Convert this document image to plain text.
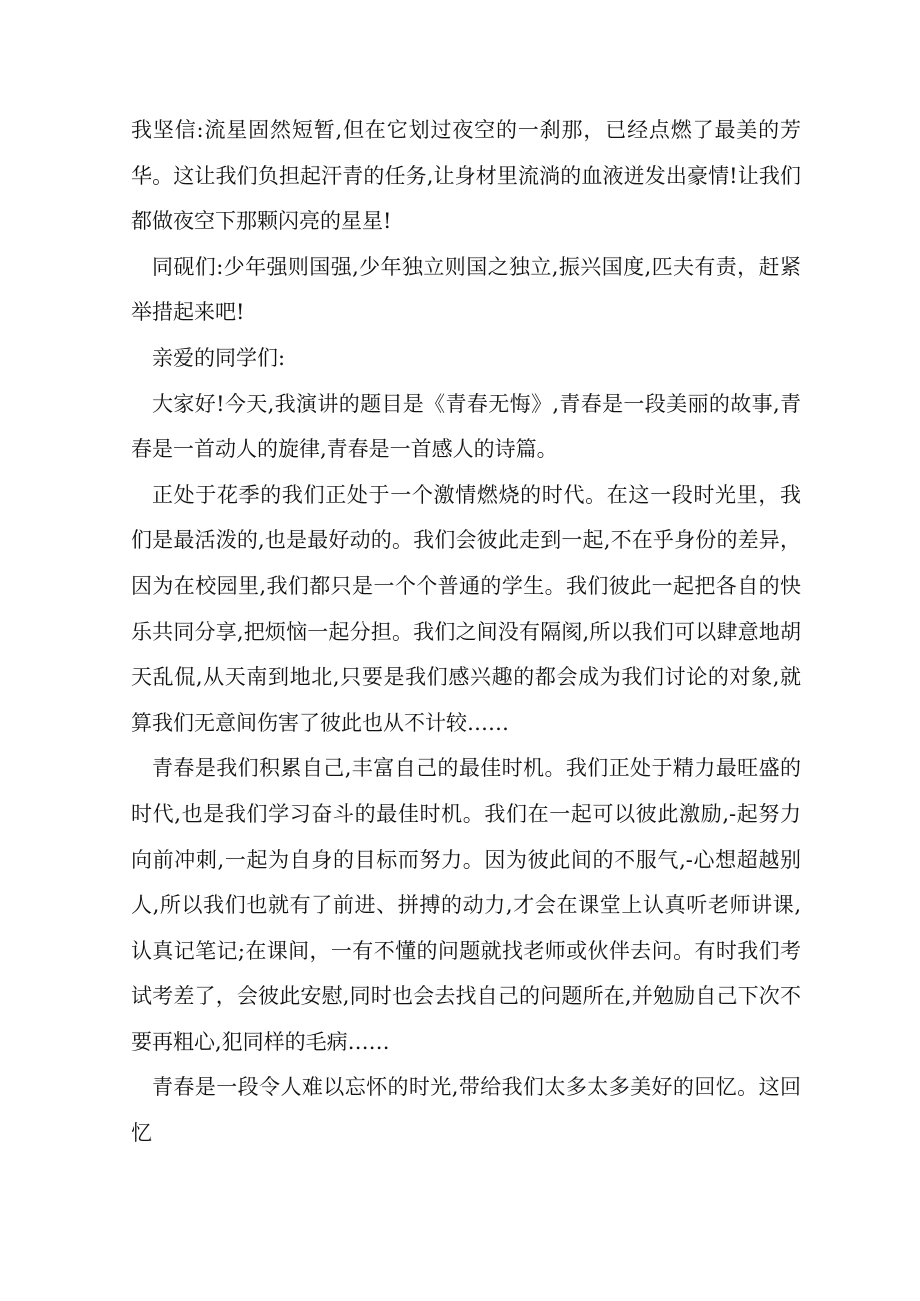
我坚信:流星固然短暂,但在它划过夜空的一刹那，已经点燃了最美的芳华。这让我们负担起汗青的任务,让身材里流淌的血液迸发出豪情!让我们都做夜空下那颗闪亮的星星!

同砚们:少年强则国强,少年独立则国之独立,振兴国度,匹夫有责，赶紧举措起来吧!

亲爱的同学们:

大家好!今天,我演讲的题目是《青春无悔》,青春是一段美丽的故事,青春是一首动人的旋律,青春是一首感人的诗篇。

正处于花季的我们正处于一个激情燃烧的时代。在这一段时光里，我们是最活泼的,也是最好动的。我们会彼此走到一起,不在乎身份的差异，因为在校园里,我们都只是一个个普通的学生。我们彼此一起把各自的快乐共同分享,把烦恼一起分担。我们之间没有隔阂,所以我们可以肆意地胡天乱侃,从天南到地北,只要是我们感兴趣的都会成为我们讨论的对象,就算我们无意间伤害了彼此也从不计较……

青春是我们积累自己,丰富自己的最佳时机。我们正处于精力最旺盛的时代,也是我们学习奋斗的最佳时机。我们在一起可以彼此激励,-起努力向前冲刺,一起为自身的目标而努力。因为彼此间的不服气,-心想超越别人,所以我们也就有了前进、拼搏的动力,才会在课堂上认真听老师讲课,认真记笔记;在课间，一有不懂的问题就找老师或伙伴去问。有时我们考试考差了，会彼此安慰,同时也会去找自己的问题所在,并勉励自己下次不要再粗心,犯同样的毛病……

青春是一段令人难以忘怀的时光,带给我们太多太多美好的回忆。这回忆
